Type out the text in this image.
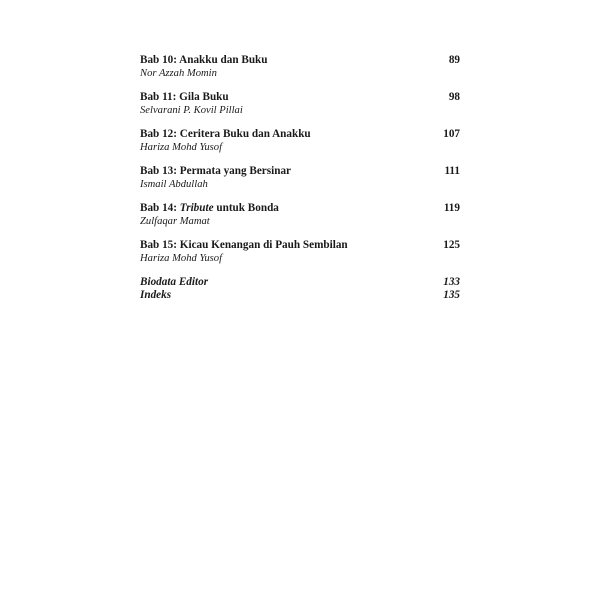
Bab 10: Anakku dan Buku
Nor Azzah Momin
89
Bab 11: Gila Buku
Selvarani P. Kovil Pillai
98
Bab 12: Ceritera Buku dan Anakku
Hariza Mohd Yusof
107
Bab 13: Permata yang Bersinar
Ismail Abdullah
111
Bab 14: Tribute untuk Bonda
Zulfaqar Mamat
119
Bab 15: Kicau Kenangan di Pauh Sembilan
Hariza Mohd Yusof
125
Biodata Editor	133
Indeks	135
